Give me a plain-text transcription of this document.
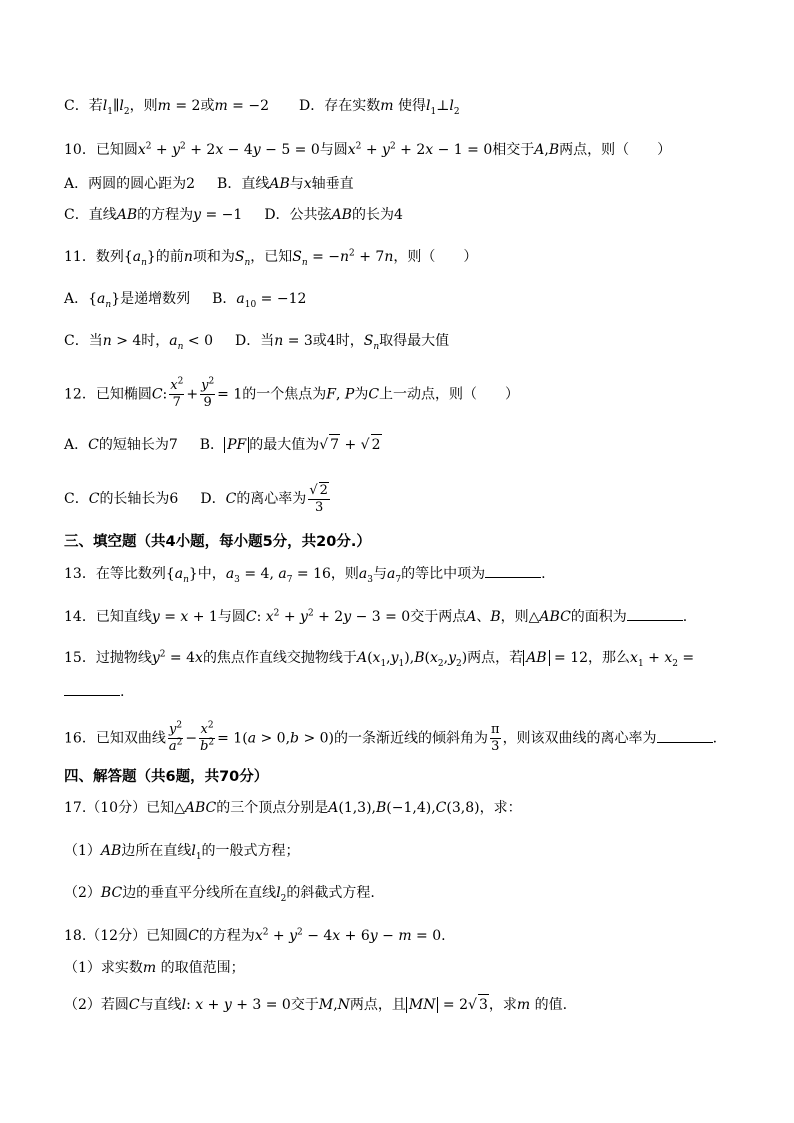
C．若$l_1\parallel l_2$，则m = 2或m = −2 D．存在实数m 使得$l_1\perp l_2$
10．已知圆$x^2 + y^2 + 2x - 4y - 5 = 0$与圆$x^2 + y^2 + 2x - 1 = 0$相交于A,B两点，则（　　）
A．两圆的圆心距为2 B．直线AB与x轴垂直
C．直线AB的方程为y = −1 D．公共弦AB的长为4
11．数列$\{a_n\}$的前n项和为$S_n$，已知$S_n = -n^2 + 7n$，则（　　）
A．$\{a_n\}$是递增数列 B．$a_{10} = -12$
C．当n > 4时，$a_n < 0$ D．当n = 3或4时，$S_n$取得最大值
12．已知椭圆C: $\frac{x^2}{7} + \frac{y^2}{9} = 1$的一个焦点为F, P为C上一动点，则（　　）
A．C的短轴长为7 B． PF 的最大值为√ 7 + √ 2
C．C的长轴长为6 D．C的离心率为 $\frac{√ 2}{3}$
三、填空题（共4小题，每小题5分，共20分.）
13．在等比数列$\{a_n\}$中，$a_3 = 4$, $a_7 = 16$，则$a_3$与$a_7$的等比中项为	.
14．已知直线y = x + 1与圆C: $x^2 + y^2 + 2y - 3 = 0$交于两点A、B，则△ABC的面积为	.
15．过抛物线$y^2 = 4x$的焦点作直线交抛物线于$A(x_1,y_1),B(x_2,y_2)$两点，若 AB = 12，那么$x_1 + x_2$ =
.
16．已知双曲线 $\frac{y^2}{a^2} - \frac{x^2}{b^2} = 1(a > 0,b > 0)$的一条渐近线的倾斜角为 $\frac{\pi}{3}$ ，则该双曲线的离心率为	.
四、解答题（共6题，共70分）
17.（10分）已知△ABC的三个顶点分别是A(1,3),B(−1,4),C(3,8)，求：
（1）AB边所在直线$l_1$的一般式方程；
（2）BC边的垂直平分线所在直线$l_2$的斜截式方程.
18.（12分）已知圆C的方程为$x^2 + y^2 - 4x + 6y - m = 0$.
（1）求实数m 的取值范围；
（2）若圆C与直线l: x + y + 3 = 0交于M,N两点，且 MN = 2√ 3，求m 的值.
